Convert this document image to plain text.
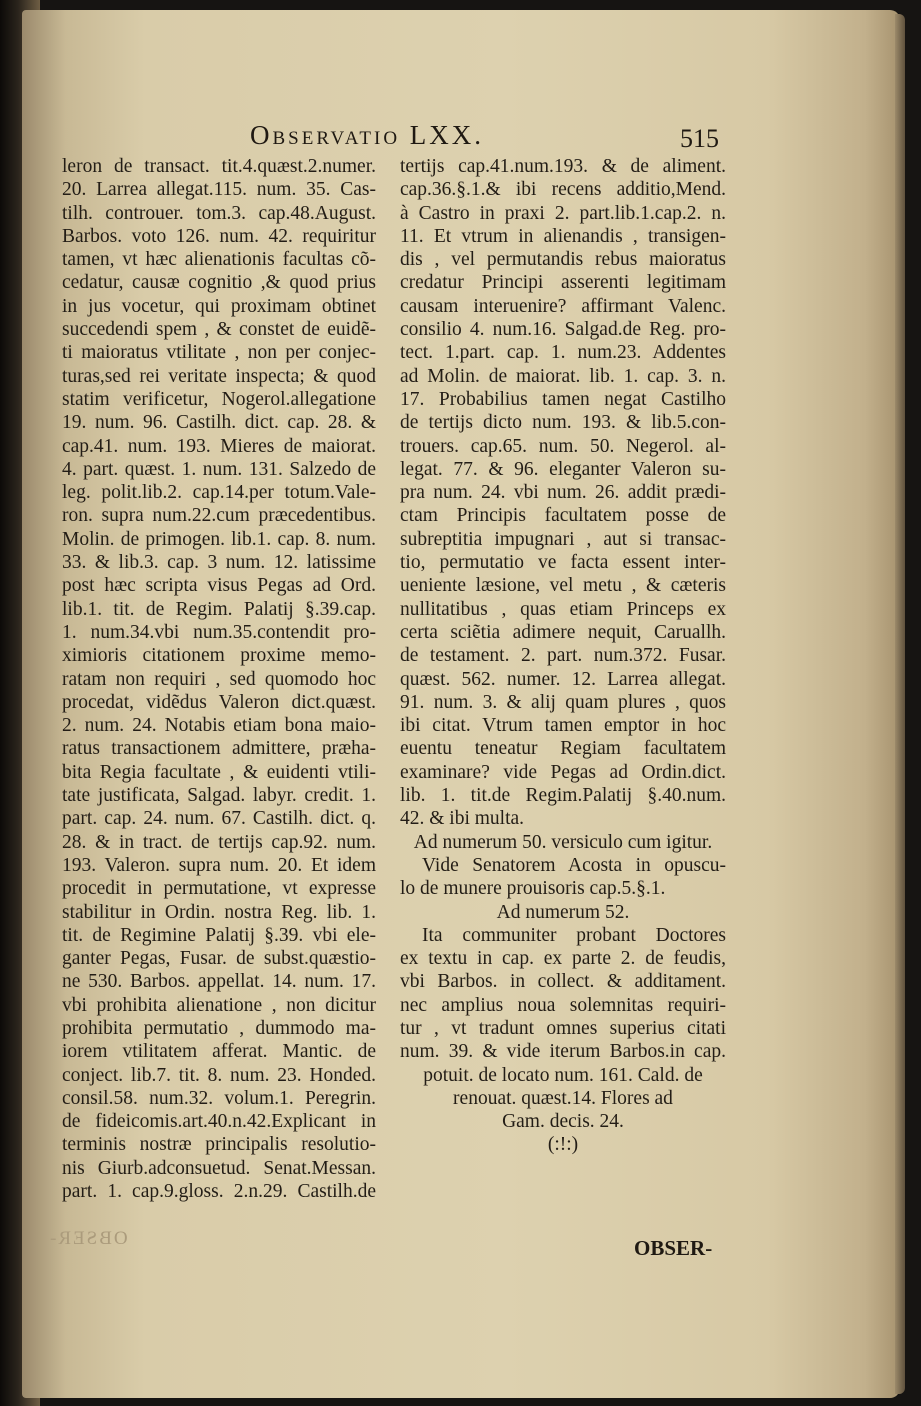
OBSER-
OBSERVATIO LXX.	515
leron de transact. tit.4.quæst.2.numer.
20. Larrea allegat.115. num. 35. Cas-
tilh. controuer. tom.3. cap.48.August.
Barbos. voto 126. num. 42. requiritur
tamen, vt hæc alienationis facultas cõ-
cedatur, causæ cognitio ,& quod prius
in jus vocetur, qui proximam obtinet
succedendi spem , & constet de euidẽ-
ti maioratus vtilitate , non per conjec-
turas,sed rei veritate inspecta; & quod
statim verificetur, Nogerol.allegatione
19. num. 96. Castilh. dict. cap. 28. &
cap.41. num. 193. Mieres de maiorat.
4. part. quæst. 1. num. 131. Salzedo de
leg. polit.lib.2. cap.14.per totum.Vale-
ron. supra num.22.cum præcedentibus.
Molin. de primogen. lib.1. cap. 8. num.
33. & lib.3. cap. 3 num. 12. latissime
post hæc scripta visus Pegas ad Ord.
lib.1. tit. de Regim. Palatij §.39.cap.
1. num.34.vbi num.35.contendit pro-
ximioris citationem proxime memo-
ratam non requiri , sed quomodo hoc
procedat, vidẽdus Valeron dict.quæst.
2. num. 24. Notabis etiam bona maio-
ratus transactionem admittere, præha-
bita Regia facultate , & euidenti vtili-
tate justificata, Salgad. labyr. credit. 1.
part. cap. 24. num. 67. Castilh. dict. q.
28. & in tract. de tertijs cap.92. num.
193. Valeron. supra num. 20. Et idem
procedit in permutatione, vt expresse
stabilitur in Ordin. nostra Reg. lib. 1.
tit. de Regimine Palatij §.39. vbi ele-
ganter Pegas, Fusar. de subst.quæstio-
ne 530. Barbos. appellat. 14. num. 17.
vbi prohibita alienatione , non dicitur
prohibita permutatio , dummodo ma-
iorem vtilitatem afferat. Mantic. de
conject. lib.7. tit. 8. num. 23. Honded.
consil.58. num.32. volum.1. Peregrin.
de fideicomis.art.40.n.42.Explicant in
terminis nostræ principalis resolutio-
nis Giurb.adconsuetud. Senat.Messan.
part. 1. cap.9.gloss. 2.n.29. Castilh.de
tertijs cap.41.num.193. & de aliment.
cap.36.§.1.& ibi recens additio,Mend.
à Castro in praxi 2. part.lib.1.cap.2. n.
11. Et vtrum in alienandis , transigen-
dis , vel permutandis rebus maioratus
credatur Principi asserenti legitimam
causam interuenire? affirmant Valenc.
consilio 4. num.16. Salgad.de Reg. pro-
tect. 1.part. cap. 1. num.23. Addentes
ad Molin. de maiorat. lib. 1. cap. 3. n.
17. Probabilius tamen negat Castilho
de tertijs dicto num. 193. & lib.5.con-
trouers. cap.65. num. 50. Negerol. al-
legat. 77. & 96. eleganter Valeron su-
pra num. 24. vbi num. 26. addit prædi-
ctam Principis facultatem posse de
subreptitia impugnari , aut si transac-
tio, permutatio ve facta essent inter-
ueniente læsione, vel metu , & cæteris
nullitatibus , quas etiam Princeps ex
certa sciẽtia adimere nequit, Caruallh.
de testament. 2. part. num.372. Fusar.
quæst. 562. numer. 12. Larrea allegat.
91. num. 3. & alij quam plures , quos
ibi citat. Vtrum tamen emptor in hoc
euentu teneatur Regiam facultatem
examinare? vide Pegas ad Ordin.dict.
lib. 1. tit.de Regim.Palatij §.40.num.
42. & ibi multa.
Ad numerum 50. versiculo cum igitur.
Vide Senatorem Acosta in opuscu-
lo de munere prouisoris cap.5.§.1.
Ad numerum 52.
Ita communiter probant Doctores
ex textu in cap. ex parte 2. de feudis,
vbi Barbos. in collect. & additament.
nec amplius noua solemnitas requiri-
tur , vt tradunt omnes superius citati
num. 39. & vide iterum Barbos.in cap.
potuit. de locato num. 161. Cald. de
renouat. quæst.14. Flores ad
Gam. decis. 24.
(:!:)
OBSER-
